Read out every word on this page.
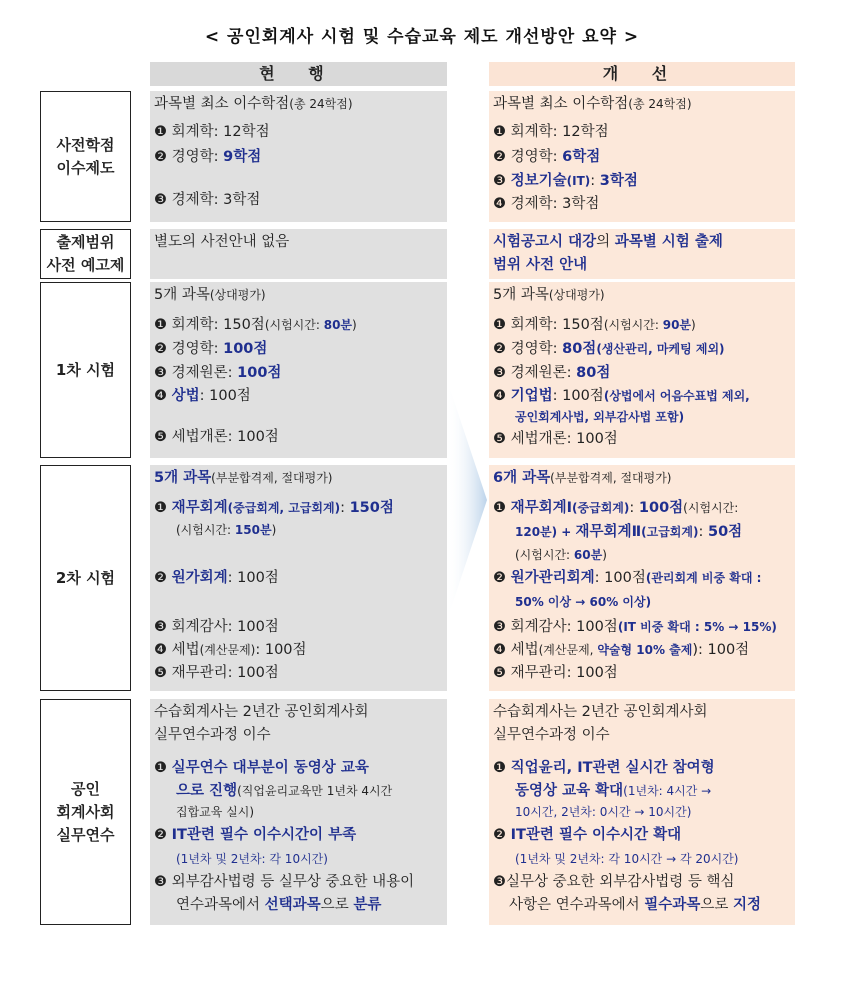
< 공인회계사 시험 및 수습교육 제도 개선방안 요약 >
현 행	개 선
사전학점
이수제도
출제범위
사전 예고제
1차 시험
2차 시험
공인
회계사회
실무연수
과목별 최소 이수학점(총 24학점)
❶ 회계학: 12학점
❷ 경영학: 9학점
❸ 경제학: 3학점
과목별 최소 이수학점(총 24학점)
❶ 회계학: 12학점
❷ 경영학: 6학점
❸ 정보기술(IT): 3학점
❹ 경제학: 3학점
별도의 사전안내 없음	시험공고시 대강의 과목별 시험 출제
범위 사전 안내
5개 과목(상대평가)
❶ 회계학: 150점(시험시간: 80분)
❷ 경영학: 100점
❸ 경제원론: 100점
❹ 상법: 100점
❺ 세법개론: 100점
5개 과목(상대평가)
❶ 회계학: 150점(시험시간: 90분)
❷ 경영학: 80점(생산관리, 마케팅 제외)
❸ 경제원론: 80점
❹ 기업법: 100점(상법에서 어음수표법 제외,
공인회계사법, 외부감사법 포함)
❺ 세법개론: 100점
5개 과목(부분합격제, 절대평가)
❶ 재무회계(중급회계, 고급회계): 150점
(시험시간: 150분)
❷ 원가회계: 100점
❸ 회계감사: 100점
❹ 세법(계산문제): 100점
❺ 재무관리: 100점
6개 과목(부분합격제, 절대평가)
❶ 재무회계Ⅰ(중급회계): 100점(시험시간:
120분) + 재무회계Ⅱ(고급회계): 50점
(시험시간: 60분)
❷ 원가관리회계: 100점(관리회계 비중 확대 :
50% 이상 → 60% 이상)
❸ 회계감사: 100점(IT 비중 확대 : 5% → 15%)
❹ 세법(계산문제, 약술형 10% 출제): 100점
❺ 재무관리: 100점
수습회계사는 2년간 공인회계사회
실무연수과정 이수
❶ 실무연수 대부분이 동영상 교육
으로 진행(직업윤리교육만 1년차 4시간
집합교육 실시)
❷ IT관련 필수 이수시간이 부족
(1년차 및 2년차: 각 10시간)
❸ 외부감사법령 등 실무상 중요한 내용이
연수과목에서 선택과목으로 분류
수습회계사는 2년간 공인회계사회
실무연수과정 이수
❶ 직업윤리, IT관련 실시간 참여형
동영상 교육 확대(1년차: 4시간 →
10시간, 2년차: 0시간 → 10시간)
❷ IT관련 필수 이수시간 확대
(1년차 및 2년차: 각 10시간 → 각 20시간)
❸실무상 중요한 외부감사법령 등 핵심
사항은 연수과목에서 필수과목으로 지정
